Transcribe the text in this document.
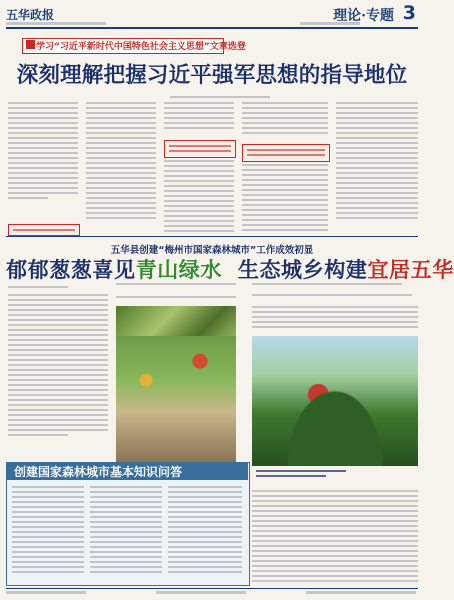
五华政报	理论·专题 3
学习“习近平新时代中国特色社会主义思想”文章选登
深刻理解把握习近平强军思想的指导地位
五华县创建“梅州市国家森林城市”工作成效初显
郁郁葱葱喜见青山绿水 生态城乡构建宜居五华
创建国家森林城市基本知识问答
